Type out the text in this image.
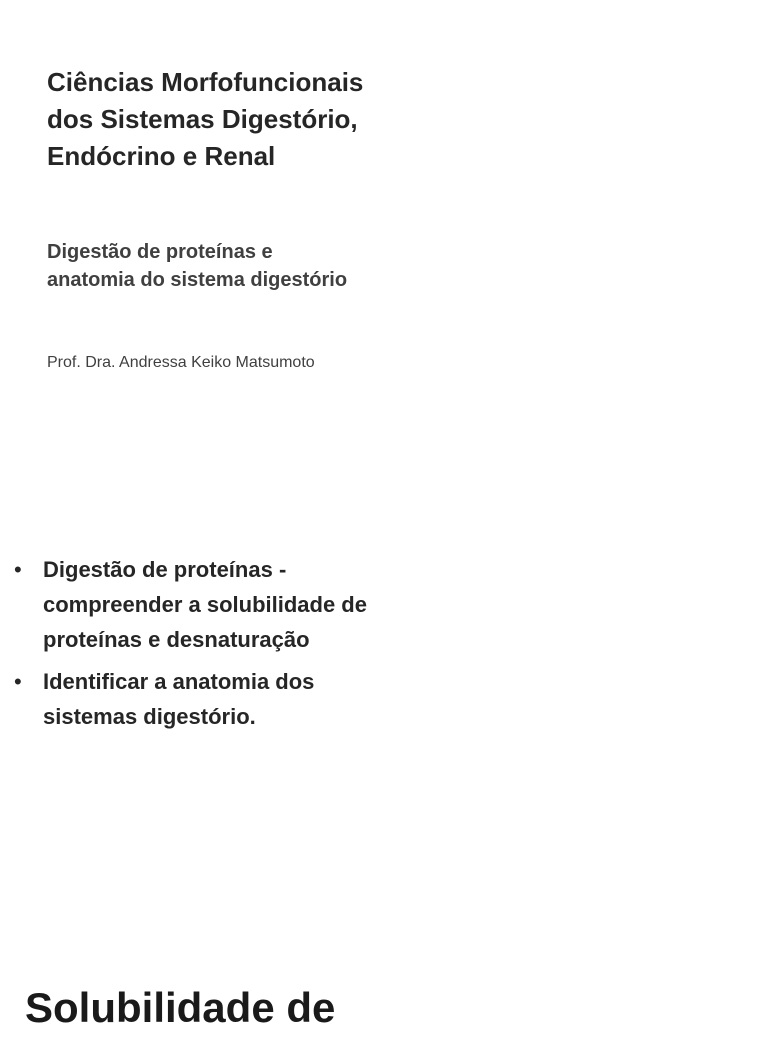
Ciências Morfofuncionais
dos Sistemas Digestório,
Endócrino e Renal
Digestão de proteínas e
anatomia do sistema digestório
Prof. Dra. Andressa Keiko Matsumoto
• Digestão de proteínas -
compreender a solubilidade de
proteínas e desnaturação
• Identificar a anatomia dos
sistemas digestório.
Solubilidade de
